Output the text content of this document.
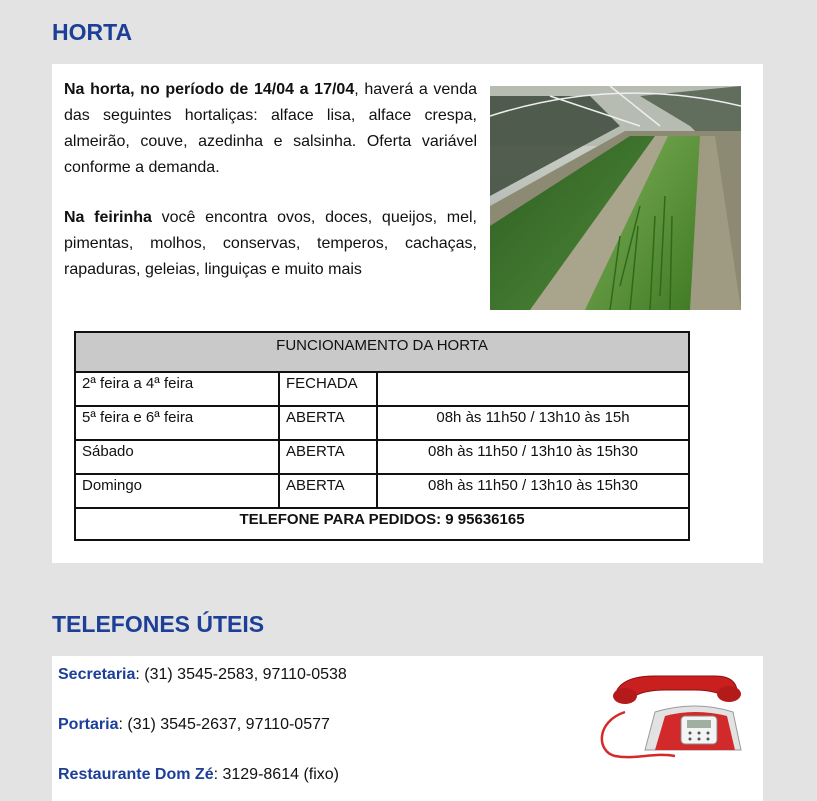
HORTA

Na horta, no período de 14/04 a 17/04, haverá a venda das seguintes hortaliças: alface lisa, alface crespa, almeirão, couve, azedinha e salsinha. Oferta variável conforme a demanda.

Na feirinha você encontra ovos, doces, queijos, mel, pimentas, molhos, conservas, temperos, cachaças, rapaduras, geleias, linguiças e muito mais

FUNCIONAMENTO DA HORTA		
2ª feira a 4ª feira	FECHADA	
5ª feira e 6ª feira	ABERTA	08h às 11h50 / 13h10 às 15h
Sábado	ABERTA	08h às 11h50 / 13h10 às 15h30
Domingo	ABERTA	08h às 11h50 / 13h10 às 15h30
TELEFONE PARA PEDIDOS: 9 95636165		
TELEFONES ÚTEIS
Secretaria: (31) 3545-2583, 97110-0538
Portaria: (31) 3545-2637, 97110-0577
Restaurante Dom Zé: 3129-8614 (fixo)
